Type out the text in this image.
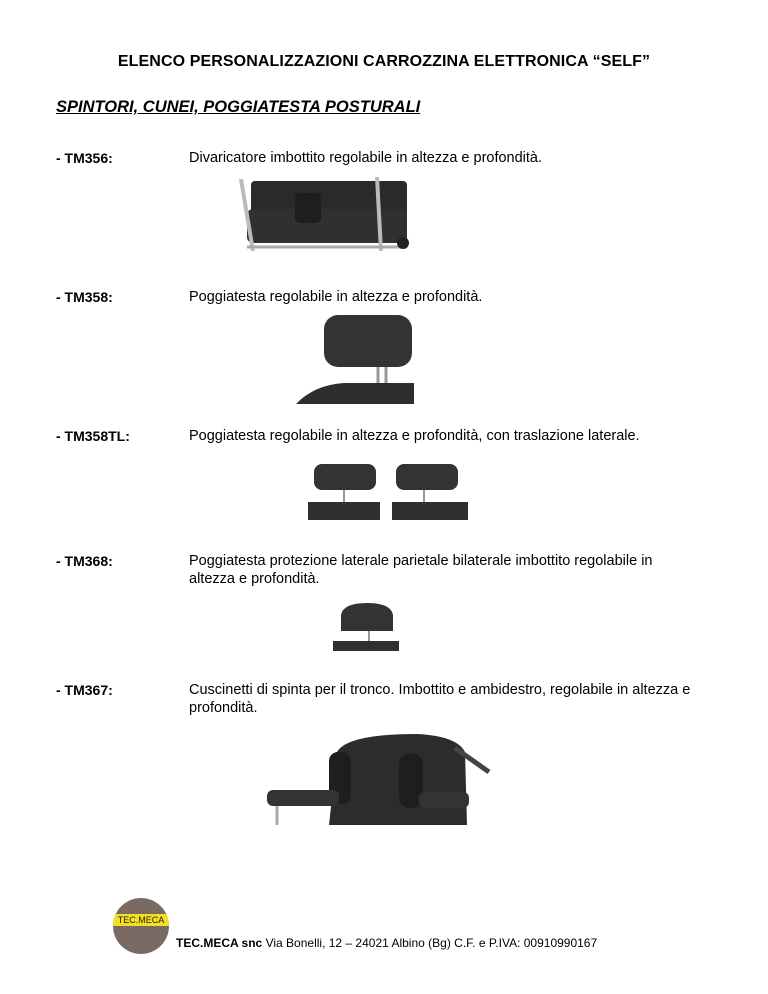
ELENCO PERSONALIZZAZIONI CARROZZINA ELETTRONICA “SELF”
SPINTORI, CUNEI, POGGIATESTA POSTURALI
- TM356:	Divaricatore imbottito regolabile in altezza e profondità.
- TM358:	Poggiatesta regolabile in altezza e profondità.
- TM358TL:	Poggiatesta regolabile in altezza e profondità, con traslazione laterale.
- TM368:	Poggiatesta protezione laterale parietale bilaterale imbottito regolabile in altezza e profondità.
- TM367:	Cuscinetti di spinta per il tronco. Imbottito e ambidestro, regolabile in altezza e profondità.
TEC.MECA
TEC.MECA snc Via Bonelli, 12 – 24021 Albino (Bg) C.F. e P.IVA: 00910990167
